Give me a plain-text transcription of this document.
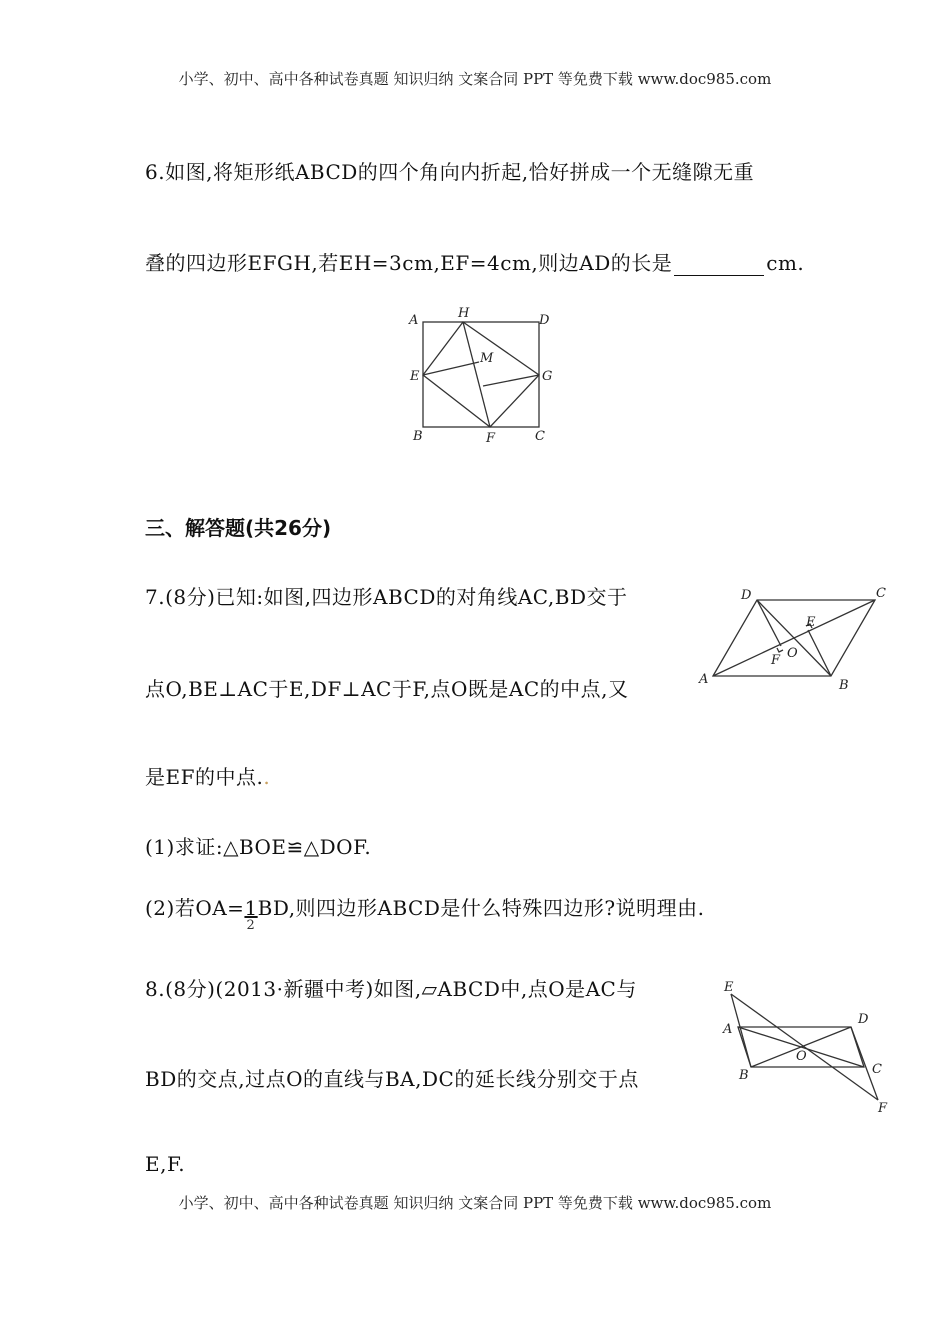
小学、初中、高中各种试卷真题 知识归纳 文案合同 PPT 等免费下载 www.doc985.com
6.如图,将矩形纸ABCD的四个角向内折起,恰好拼成一个无缝隙无重
叠的四边形EFGH,若EH=3cm,EF=4cm,则边AD的长是	cm.
A	H	D
M
E	G
B	F	C
三、解答题(共26分)
7.(8分)已知:如图,四边形ABCD的对角线AC,BD交于
点O,BE⊥AC于E,DF⊥AC于F,点O既是AC的中点,又
是EF的中点..
(1)求证:△BOE≌△DOF.
(2)若$OA=\frac{1}{2}$ BD,则四边形ABCD是什么特殊四边形?说明理由.
D	C
E
F O
A	B
8.(8分)(2013·新疆中考)如图,▱ABCD中,点O是AC与
BD的交点,过点O的直线与BA,DC的延长线分别交于点
E,F.
E
A
D
O
B	C
F
小学、初中、高中各种试卷真题 知识归纳 文案合同 PPT 等免费下载 www.doc985.com
